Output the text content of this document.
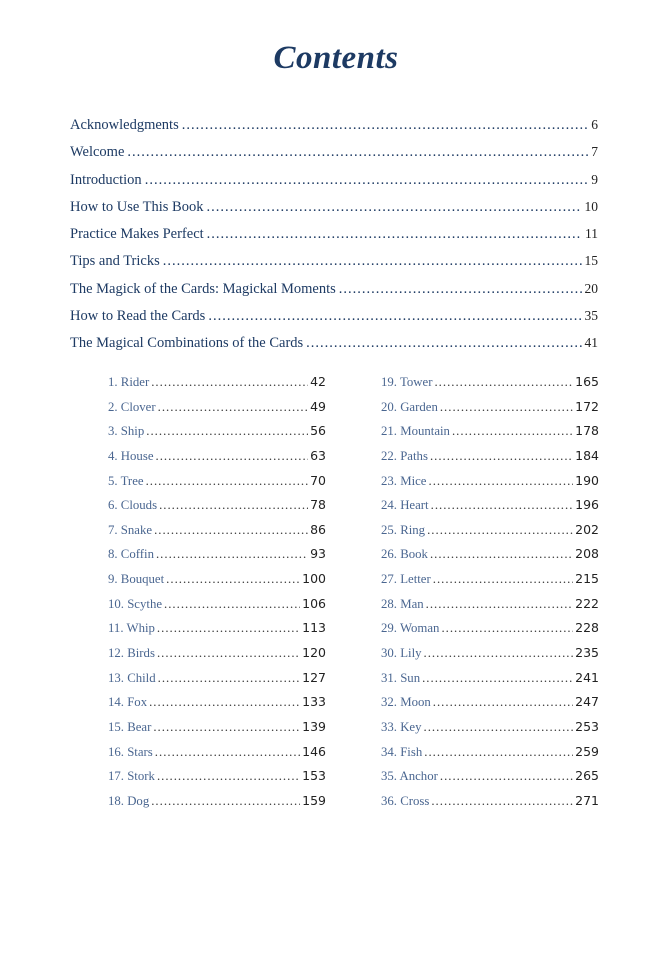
Contents
Acknowledgments .....	6
Welcome .....	7
Introduction .....	9
How to Use This Book .....	10
Practice Makes Perfect .....	11
Tips and Tricks .....	15
The Magick of the Cards: Magickal Moments .....	20
How to Read the Cards .....	35
The Magical Combinations of the Cards .....	41
1. Rider .....	42
2. Clover .....	49
3. Ship .....	56
4. House .....	63
5. Tree .....	70
6. Clouds .....	78
7. Snake .....	86
8. Coffin .....	93
9. Bouquet .....	100
10. Scythe .....	106
11. Whip .....	113
12. Birds .....	120
13. Child .....	127
14. Fox .....	133
15. Bear .....	139
16. Stars .....	146
17. Stork .....	153
18. Dog .....	159
19. Tower .....	165
20. Garden .....	172
21. Mountain .....	178
22. Paths .....	184
23. Mice .....	190
24. Heart .....	196
25. Ring .....	202
26. Book .....	208
27. Letter .....	215
28. Man .....	222
29. Woman .....	228
30. Lily .....	235
31. Sun .....	241
32. Moon .....	247
33. Key .....	253
34. Fish .....	259
35. Anchor .....	265
36. Cross .....	271
